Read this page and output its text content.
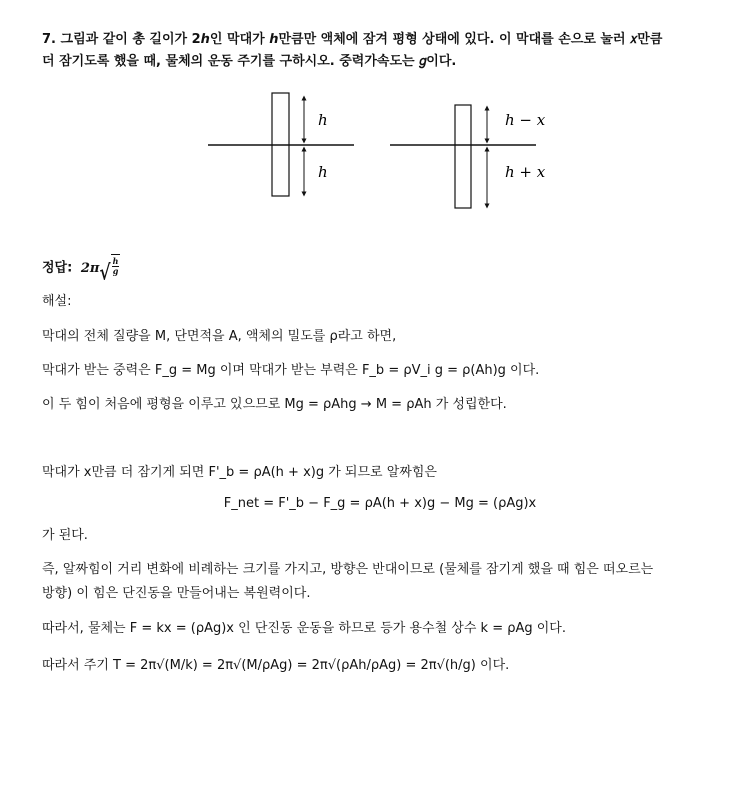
7. 그림과 같이 총 길이가 2ℎ인 막대가 ℎ만큼만 액체에 잠겨 평형 상태에 있다. 이 막대를 손으로 눌러 𝑥만큼
더 잠기도록 했을 때, 물체의 운동 주기를 구하시오. 중력가속도는 𝑔이다.
h
h
h − x
h + x
정답: 2π √ $\frac{h}{g}$
해설:
막대의 전체 질량을 M, 단면적을 A, 액체의 밀도를 ρ라고 하면,
막대가 받는 중력은 F_g = Mg 이며 막대가 받는 부력은 F_b = ρV_i g = ρ(Ah)g 이다.
이 두 힘이 처음에 평형을 이루고 있으므로 Mg = ρAhg → M = ρAh 가 성립한다.
막대가 x만큼 더 잠기게 되면 F'_b = ρA(h + x)g 가 되므로 알짜힘은
F_net = F'_b − F_g = ρA(h + x)g − Mg = (ρAg)x
가 된다.
즉, 알짜힘이 거리 변화에 비례하는 크기를 가지고, 방향은 반대이므로 (물체를 잠기게 했을 때 힘은 떠오르는
방향) 이 힘은 단진동을 만들어내는 복원력이다.
따라서, 물체는 F = kx = (ρAg)x 인 단진동 운동을 하므로 등가 용수철 상수 k = ρAg 이다.
따라서 주기 T = 2π√(M/k) = 2π√(M/ρAg) = 2π√(ρAh/ρAg) = 2π√(h/g) 이다.
